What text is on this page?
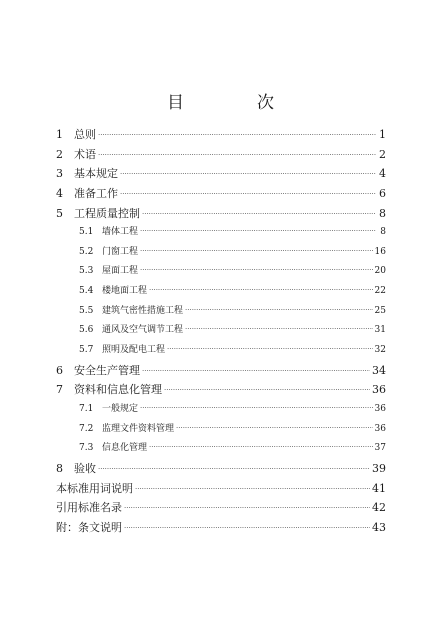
目　次
1	总则 ·····	1
2	术语 ·····	2
3	基本规定 ·····	4
4	准备工作 ·····	6
5	工程质量控制 ·····	8
5.1 墙体工程 ·····	8
5.2 门窗工程 ·····	16
5.3 屋面工程 ·····	20
5.4 楼地面工程 ·····	22
5.5 建筑气密性措施工程 ·····	25
5.6 通风及空气调节工程 ·····	31
5.7 照明及配电工程 ·····	32
6	安全生产管理 ·····	34
7	资料和信息化管理 ·····	36
7.1 一般规定 ·····	36
7.2 监理文件资料管理 ·····	36
7.3 信息化管理 ·····	37
8	验收 ·····	39
本标准用词说明 ·····	41
引用标准名录 ·····	42
附：条文说明 ·····	43
